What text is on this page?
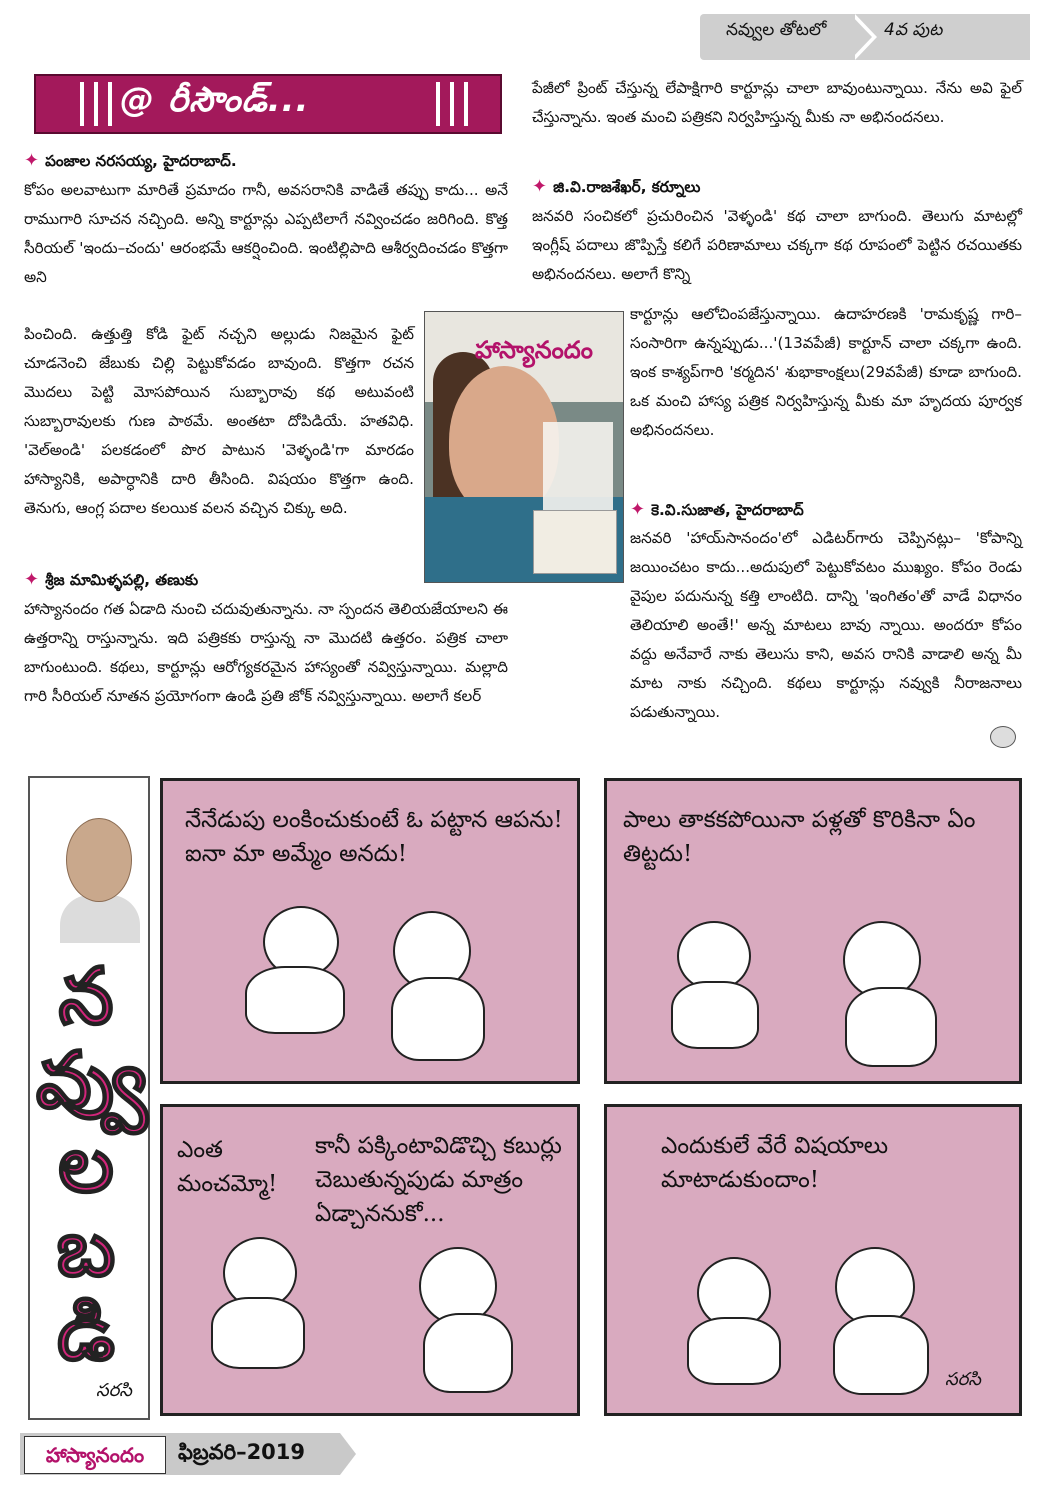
నవ్వుల తోటలో	4వ పుట
@ రీసౌండ్...
✦ పంజాల నరసయ్య, హైదరాబాద్.

కోపం అలవాటుగా మారితే ప్రమాదం గానీ, అవసరానికి వాడితే తప్పు కాదు... అనే రాముగారి సూచన నచ్చింది. అన్ని కార్టూన్లు ఎప్పటిలాగే నవ్వించడం జరిగింది. కొత్త సీరియల్ 'ఇందు–చందు' ఆరంభమే ఆకర్షించింది. ఇంటిల్లిపాది ఆశీర్వదించడం కొత్తగా అని

పించింది. ఉత్తుత్తి కోడి ఫైట్ నచ్చని అల్లుడు నిజమైన ఫైట్ చూడనెంచి జేబుకు చిల్లి పెట్టుకోవడం బావుంది. కొత్తగా రచన మొదలు పెట్టి మోసపోయిన సుబ్బారావు కథ అటువంటి సుబ్బారావులకు గుణ పాఠమే. అంతటా దోపిడియే. హతవిధి. 'వెల్అండి' పలకడంలో పొర పాటున 'వెళ్ళండి'గా మారడం హాస్యానికి, అపార్ధానికి దారి తీసింది. విషయం కొత్తగా ఉంది. తెనుగు, ఆంగ్ల పదాల కలయిక వలన వచ్చిన చిక్కు అది.

✦ శ్రీజ మామిళ్ళపల్లి, తణుకు

హాస్యానందం గత ఏడాది నుంచి చదువుతున్నాను. నా స్పందన తెలియజేయాలని ఈ ఉత్తరాన్ని రాస్తున్నాను. ఇది పత్రికకు రాస్తున్న నా మొదటి ఉత్తరం. పత్రిక చాలా బాగుంటుంది. కథలు, కార్టూన్లు ఆరోగ్యకరమైన హాస్యంతో నవ్విస్తున్నాయి. మల్లాది గారి సీరియల్ నూతన ప్రయోగంగా ఉండి ప్రతి జోక్ నవ్విస్తున్నాయి. అలాగే కలర్

హాస్యానందం

పేజీలో ప్రింట్ చేస్తున్న లేపాక్షిగారి కార్టూన్లు చాలా బావుంటున్నాయి. నేను అవి ఫైల్ చేస్తున్నాను. ఇంత మంచి పత్రికని నిర్వహిస్తున్న మీకు నా అభినందనలు.

✦ జి.వి.రాజశేఖర్, కర్నూలు

జనవరి సంచికలో ప్రచురించిన 'వెళ్ళండి' కథ చాలా బాగుంది. తెలుగు మాటల్లో ఇంగ్లీష్ పదాలు జొప్పిస్తే కలిగే పరిణామాలు చక్కగా కథ రూపంలో పెట్టిన రచయితకు అభినందనలు. అలాగే కొన్ని

కార్టూన్లు ఆలోచింపజేస్తున్నాయి. ఉదాహరణకి 'రామకృష్ణ గారి–సంసారిగా ఉన్నప్పుడు...'(13వపేజీ) కార్టూన్ చాలా చక్కగా ఉంది. ఇంక కాశ్యప్‌గారి 'కర్మదిన' శుభాకాంక్షలు(29వపేజీ) కూడా బాగుంది. ఒక మంచి హాస్య పత్రిక నిర్వహిస్తున్న మీకు మా హృదయ పూర్వక అభినందనలు.

✦ కె.వి.సుజాత, హైదరాబాద్

జనవరి 'హాయ్‌సానందం'లో ఎడిటర్‌గారు చెప్పినట్లు– 'కోపాన్ని జయించటం కాదు...అదుపులో పెట్టుకోవటం ముఖ్యం. కోపం రెండు వైపుల పదునున్న కత్తి లాంటిది. దాన్ని 'ఇంగితం'తో వాడే విధానం తెలియాలి అంతే!' అన్న మాటలు బావు న్నాయి. అందరూ కోపం వద్దు అనేవారే నాకు తెలుసు కాని, అవస రానికి వాడాలి అన్న మీ మాట నాకు నచ్చింది. కథలు కార్టూన్లు నవ్వుకి నీరాజనాలు పడుతున్నాయి.

న
వ్వు
ల
బ
డి
సరసి
నేనేడుపు లంకించుకుంటే ఓ పట్టాన ఆపను! ఐనా మా అమ్మేం అనదు!
పాలు తాకకపోయినా పళ్లతో కొరికినా ఏం తిట్టదు!
ఎంత మంచమ్మో!
కానీ పక్కింటావిడొచ్చి కబుర్లు చెబుతున్నపుడు మాత్రం ఏడ్చాననుకో...
ఎందుకులే వేరే విషయాలు మాటాడుకుందాం!
సరసి
హాస్యానందం	ఫిబ్రవరి–2019
